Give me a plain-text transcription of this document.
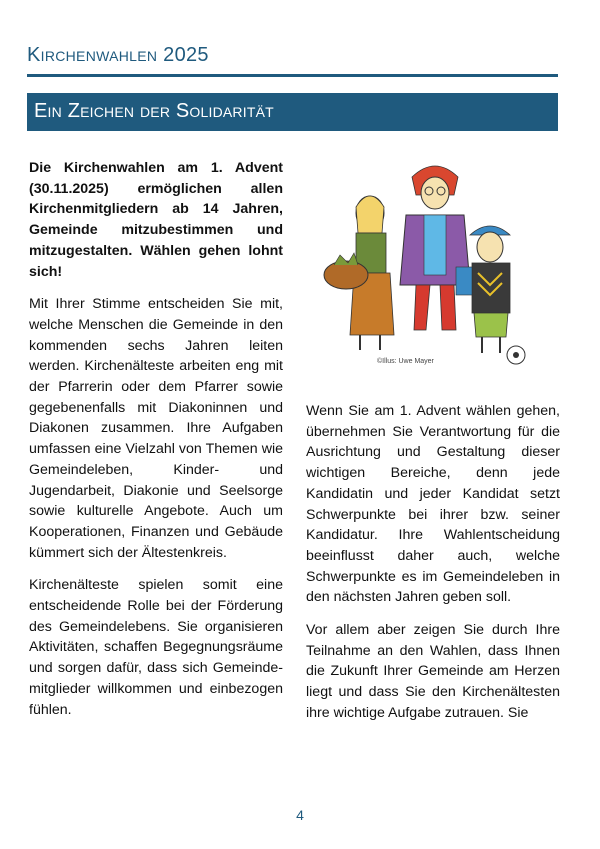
Kirchenwahlen 2025
Ein Zeichen der Solidarität

Die Kirchenwahlen am 1. Advent (30.11.2025) ermöglichen allen Kirchenmitgliedern ab 14 Jahren, Gemeinde mitzubestimmen und mitzugestalten. Wählen gehen lohnt sich!

Mit Ihrer Stimme entscheiden Sie mit, welche Menschen die Gemeinde in den kommenden sechs Jahren leiten werden. Kirchenälteste arbeiten eng mit der Pfarrerin oder dem Pfarrer sowie gegebenenfalls mit Diakoninnen und Diakonen zusammen. Ihre Aufgaben umfassen eine Vielzahl von Themen wie Gemeindeleben, Kinder- und Jugendarbeit, Diakonie und Seelsorge sowie kulturelle Angebote. Auch um Kooperationen, Finanzen und Gebäude kümmert sich der Ältestenkreis.

Kirchenälteste spielen somit eine entscheidende Rolle bei der Förderung des Gemeindelebens. Sie organisieren Aktivitäten, schaffen Begegnungsräume und sorgen dafür, dass sich Gemeindemitglieder willkommen und einbezogen fühlen.

©Illus: Uwe Mayer

Wenn Sie am 1. Advent wählen gehen, übernehmen Sie Verantwortung für die Ausrichtung und Gestaltung dieser wichtigen Bereiche, denn jede Kandidatin und jeder Kandidat setzt Schwerpunkte bei ihrer bzw. seiner Kandidatur. Ihre Wahlentscheidung beeinflusst daher auch, welche Schwerpunkte es im Gemeindeleben in den nächsten Jahren geben soll.

Vor allem aber zeigen Sie durch Ihre Teilnahme an den Wahlen, dass Ihnen die Zukunft Ihrer Gemeinde am Herzen liegt und dass Sie den Kirchenältesten ihre wichtige Aufgabe zutrauen. Sie

4
